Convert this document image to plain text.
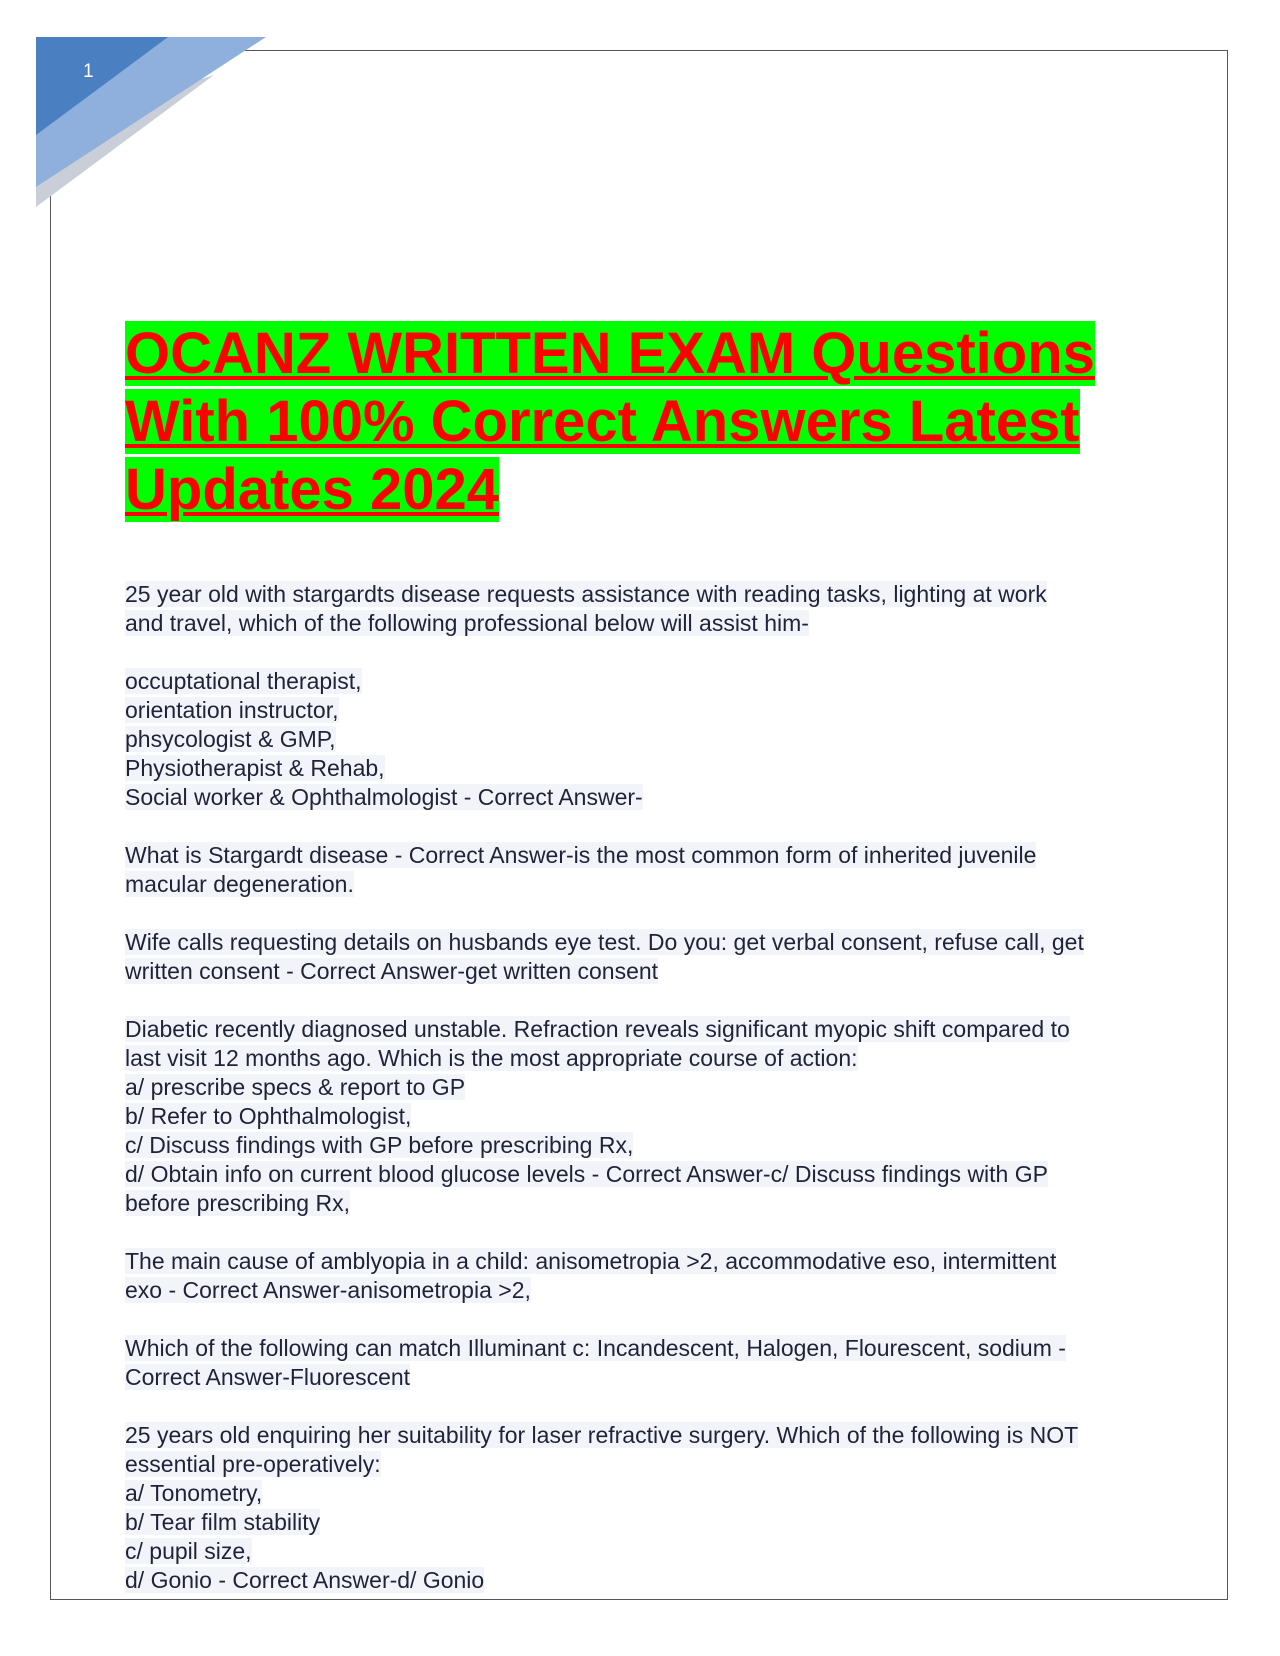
1
OCANZ WRITTEN EXAM Questions
With 100% Correct Answers Latest
Updates 2024
25 year old with stargardts disease requests assistance with reading tasks, lighting at work
and travel, which of the following professional below will assist him-
occuptational therapist,
orientation instructor,
phsycologist & GMP,
Physiotherapist & Rehab,
Social worker & Ophthalmologist - Correct Answer-
What is Stargardt disease - Correct Answer-is the most common form of inherited juvenile
macular degeneration.
Wife calls requesting details on husbands eye test. Do you: get verbal consent, refuse call, get
written consent - Correct Answer-get written consent
Diabetic recently diagnosed unstable. Refraction reveals significant myopic shift compared to
last visit 12 months ago. Which is the most appropriate course of action:
a/ prescribe specs & report to GP
b/ Refer to Ophthalmologist,
c/ Discuss findings with GP before prescribing Rx,
d/ Obtain info on current blood glucose levels - Correct Answer-c/ Discuss findings with GP
before prescribing Rx,
The main cause of amblyopia in a child: anisometropia >2, accommodative eso, intermittent
exo - Correct Answer-anisometropia >2,
Which of the following can match Illuminant c: Incandescent, Halogen, Flourescent, sodium -
Correct Answer-Fluorescent
25 years old enquiring her suitability for laser refractive surgery. Which of the following is NOT
essential pre-operatively:
a/ Tonometry,
b/ Tear film stability
c/ pupil size,
d/ Gonio - Correct Answer-d/ Gonio
